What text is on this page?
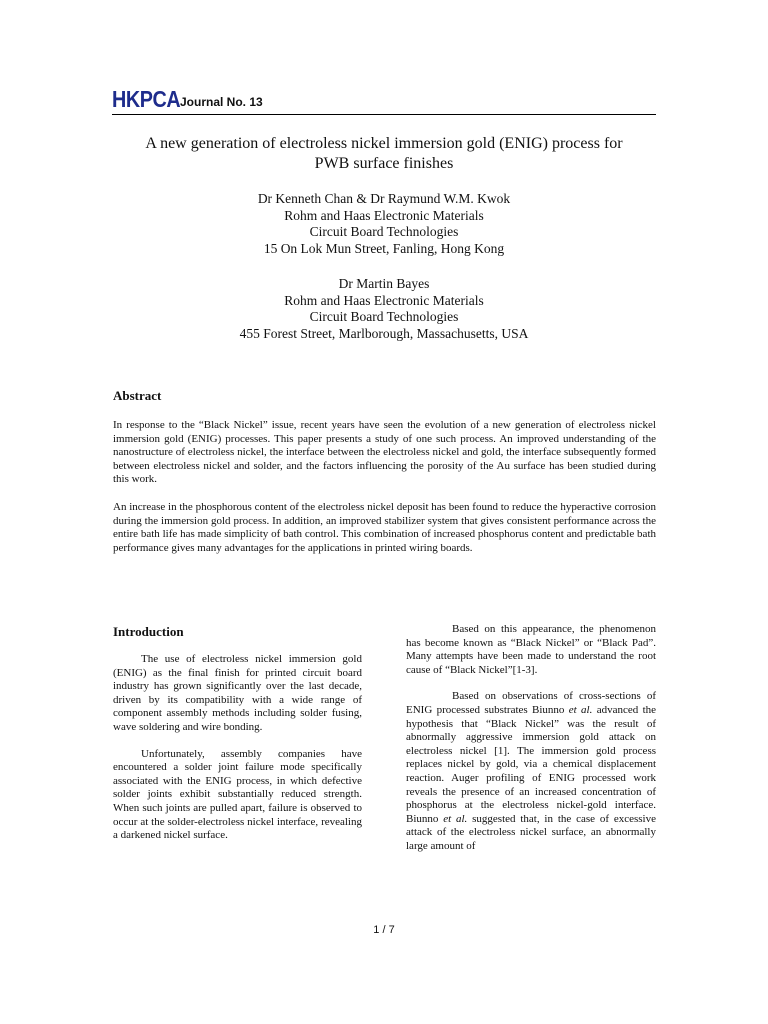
HKPCA Journal No. 13
A new generation of electroless nickel immersion gold (ENIG) process for
PWB surface finishes
Dr Kenneth Chan & Dr Raymund W.M. Kwok
Rohm and Haas Electronic Materials
Circuit Board Technologies
15 On Lok Mun Street, Fanling, Hong Kong
Dr Martin Bayes
Rohm and Haas Electronic Materials
Circuit Board Technologies
455 Forest Street, Marlborough, Massachusetts, USA
Abstract
In response to the “Black Nickel” issue, recent years have seen the evolution of a new generation of electroless nickel immersion gold (ENIG) processes. This paper presents a study of one such process. An improved understanding of the nanostructure of electroless nickel, the interface between the electroless nickel and gold, the interface subsequently formed between electroless nickel and solder, and the factors influencing the porosity of the Au surface has been studied during this work.
An increase in the phosphorous content of the electroless nickel deposit has been found to reduce the hyperactive corrosion during the immersion gold process. In addition, an improved stabilizer system that gives consistent performance across the entire bath life has made simplicity of bath control. This combination of increased phosphorus content and predictable bath performance gives many advantages for the applications in printed wiring boards.
Introduction

The use of electroless nickel immersion gold (ENIG) as the final finish for printed circuit board industry has grown significantly over the last decade, driven by its compatibility with a wide range of component assembly methods including solder fusing, wave soldering and wire bonding.

Unfortunately, assembly companies have encountered a solder joint failure mode specifically associated with the ENIG process, in which defective solder joints exhibit substantially reduced strength. When such joints are pulled apart, failure is observed to occur at the solder-electroless nickel interface, revealing a darkened nickel surface.

Based on this appearance, the phenomenon has become known as “Black Nickel” or “Black Pad”. Many attempts have been made to understand the root cause of “Black Nickel”[1-3].

Based on observations of cross-sections of ENIG processed substrates Biunno et al. advanced the hypothesis that “Black Nickel” was the result of abnormally aggressive immersion gold attack on electroless nickel [1]. The immersion gold process replaces nickel by gold, via a chemical displacement reaction. Auger profiling of ENIG processed work reveals the presence of an increased concentration of phosphorus at the electroless nickel-gold interface. Biunno et al. suggested that, in the case of excessive attack of the electroless nickel surface, an abnormally large amount of

1 / 7
